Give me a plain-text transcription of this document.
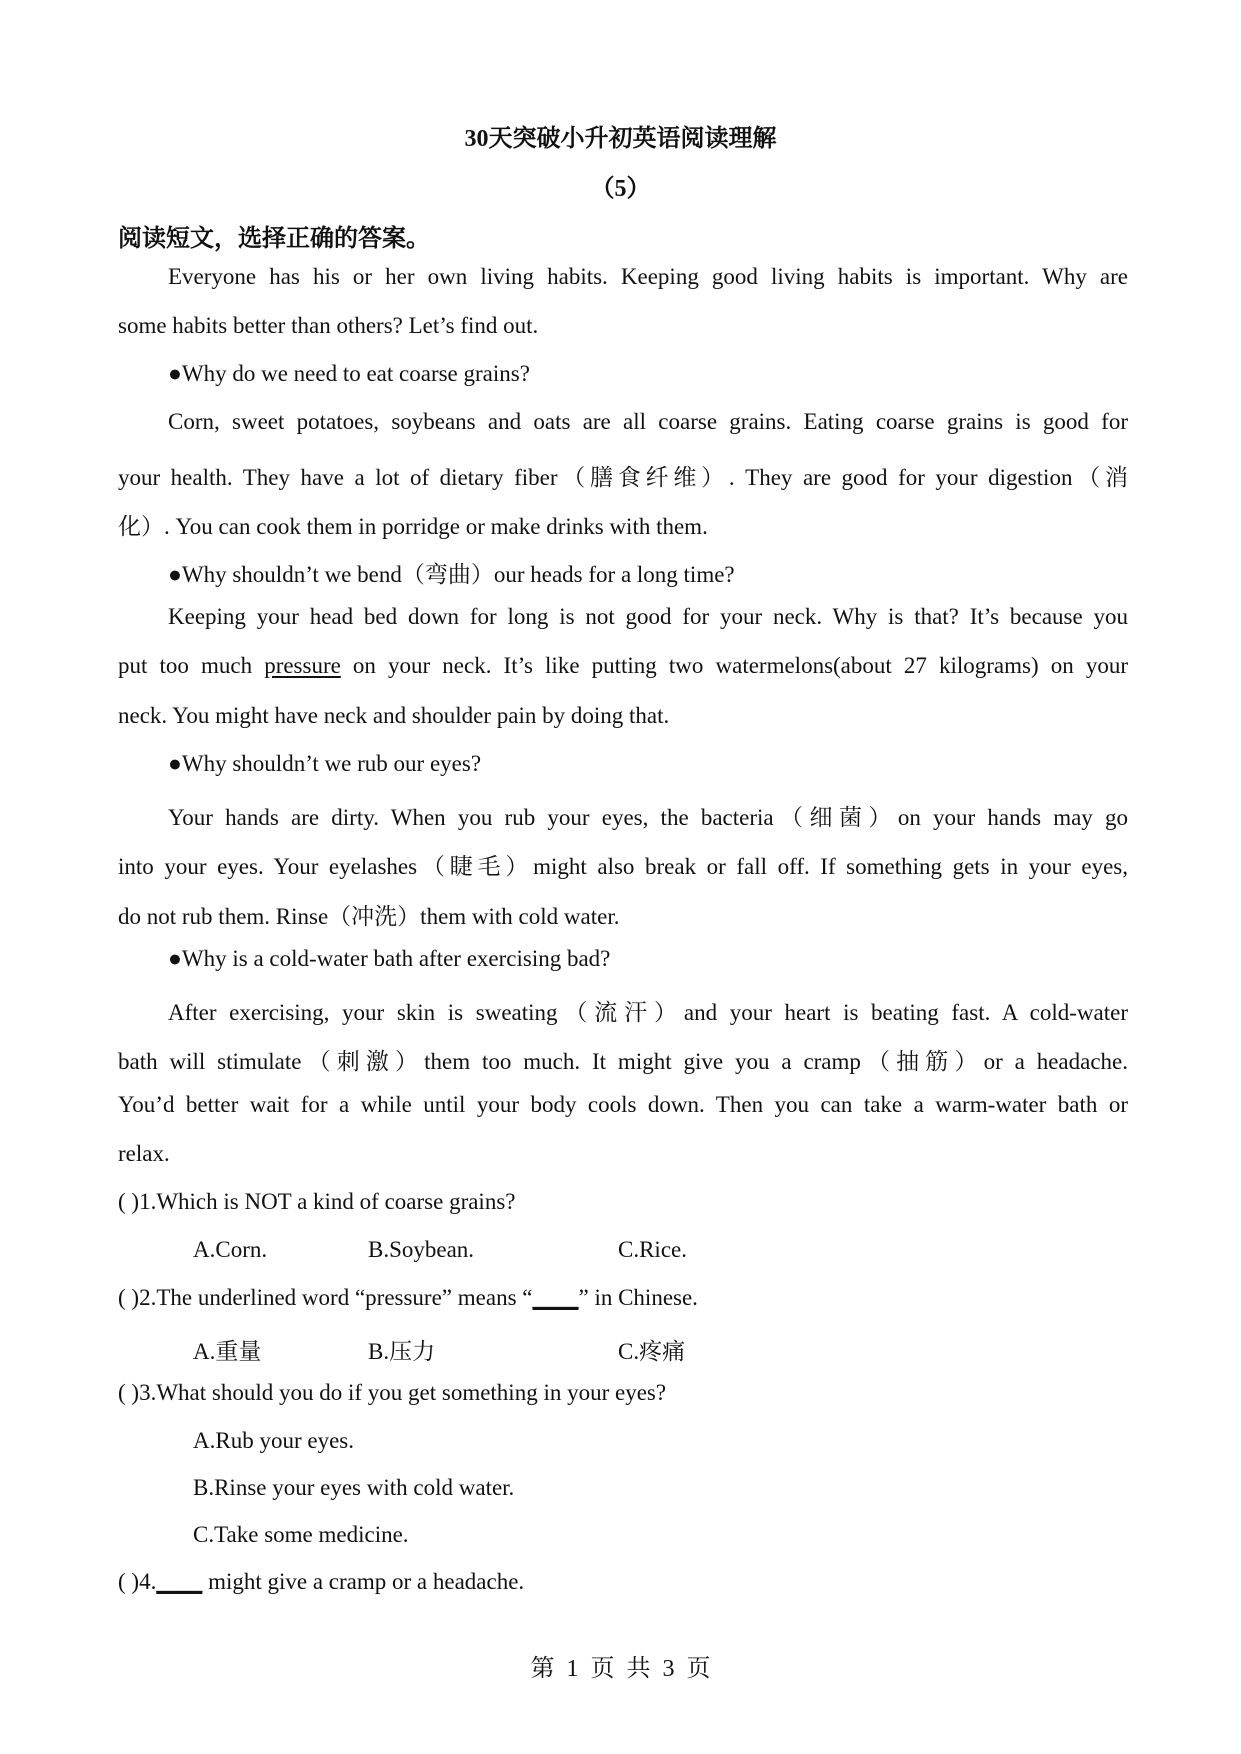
30天突破小升初英语阅读理解
（5）
阅读短文，选择正确的答案。
Everyone has his or her own living habits. Keeping good living habits is important. Why are
some habits better than others? Let’s find out.
●Why do we need to eat coarse grains?
Corn, sweet potatoes, soybeans and oats are all coarse grains. Eating coarse grains is good for
your health. They have a lot of dietary fiber（膳食纤维）. They are good for your digestion（消
化）. You can cook them in porridge or make drinks with them.
●Why shouldn’t we bend（弯曲）our heads for a long time?
Keeping your head bed down for long is not good for your neck. Why is that? It’s because you
put too much pressure on your neck. It’s like putting two watermelons(about 27 kilograms) on your
neck. You might have neck and shoulder pain by doing that.
●Why shouldn’t we rub our eyes?
Your hands are dirty. When you rub your eyes, the bacteria（细菌）on your hands may go
into your eyes. Your eyelashes（睫毛）might also break or fall off. If something gets in your eyes,
do not rub them. Rinse（冲洗）them with cold water.
●Why is a cold-water bath after exercising bad?
After exercising, your skin is sweating（流汗）and your heart is beating fast. A cold-water
bath will stimulate（刺激）them too much. It might give you a cramp（抽筋）or a headache.
You’d better wait for a while until your body cools down. Then you can take a warm-water bath or
relax.
( )1.Which is NOT a kind of coarse grains?
A.Corn.	B.Soybean.	C.Rice.
( )2.The underlined word “pressure” means “____” in Chinese.
A.重量	B.压力	C.疼痛
( )3.What should you do if you get something in your eyes?
A.Rub your eyes.
B.Rinse your eyes with cold water.
C.Take some medicine.
( )4.____ might give a cramp or a headache.
第 1 页 共 3 页
